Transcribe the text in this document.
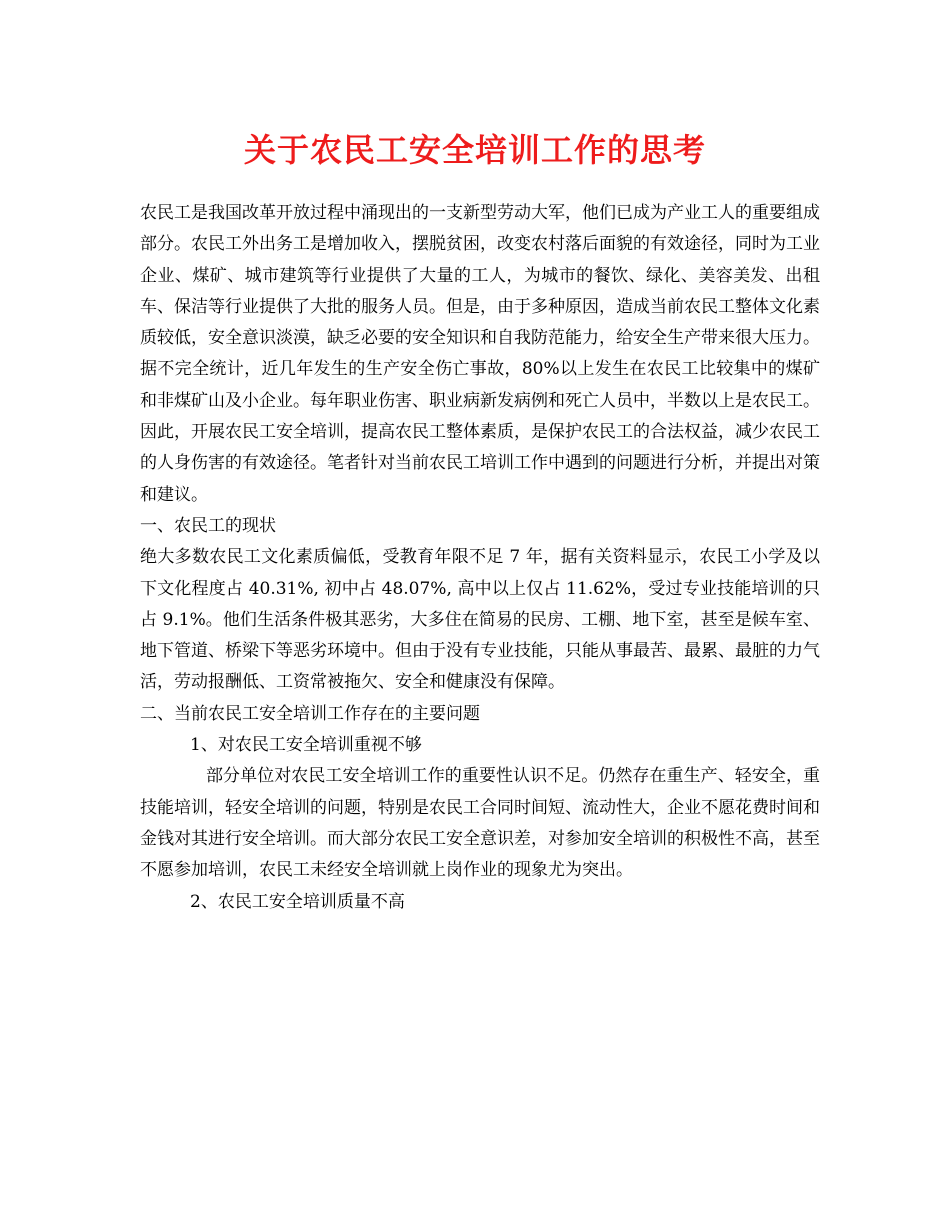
关于农民工安全培训工作的思考

农民工是我国改革开放过程中涌现出的一支新型劳动大军，他们已成为产业工人的重要组成部分。农民工外出务工是增加收入，摆脱贫困，改变农村落后面貌的有效途径，同时为工业企业、煤矿、城市建筑等行业提供了大量的工人，为城市的餐饮、绿化、美容美发、出租车、保洁等行业提供了大批的服务人员。但是，由于多种原因，造成当前农民工整体文化素质较低，安全意识淡漠，缺乏必要的安全知识和自我防范能力，给安全生产带来很大压力。据不完全统计，近几年发生的生产安全伤亡事故，80%以上发生在农民工比较集中的煤矿和非煤矿山及小企业。每年职业伤害、职业病新发病例和死亡人员中，半数以上是农民工。因此，开展农民工安全培训，提高农民工整体素质，是保护农民工的合法权益，减少农民工的人身伤害的有效途径。笔者针对当前农民工培训工作中遇到的问题进行分析，并提出对策和建议。

一、农民工的现状

绝大多数农民工文化素质偏低，受教育年限不足 7 年，据有关资料显示，农民工小学及以下文化程度占 40.31%, 初中占 48.07%, 高中以上仅占 11.62%，受过专业技能培训的只占 9.1%。他们生活条件极其恶劣，大多住在简易的民房、工棚、地下室，甚至是候车室、地下管道、桥梁下等恶劣环境中。但由于没有专业技能，只能从事最苦、最累、最脏的力气活，劳动报酬低、工资常被拖欠、安全和健康没有保障。

二、当前农民工安全培训工作存在的主要问题

1、对农民工安全培训重视不够

部分单位对农民工安全培训工作的重要性认识不足。仍然存在重生产、轻安全，重技能培训，轻安全培训的问题，特别是农民工合同时间短、流动性大，企业不愿花费时间和金钱对其进行安全培训。而大部分农民工安全意识差，对参加安全培训的积极性不高，甚至不愿参加培训，农民工未经安全培训就上岗作业的现象尤为突出。

2、农民工安全培训质量不高
